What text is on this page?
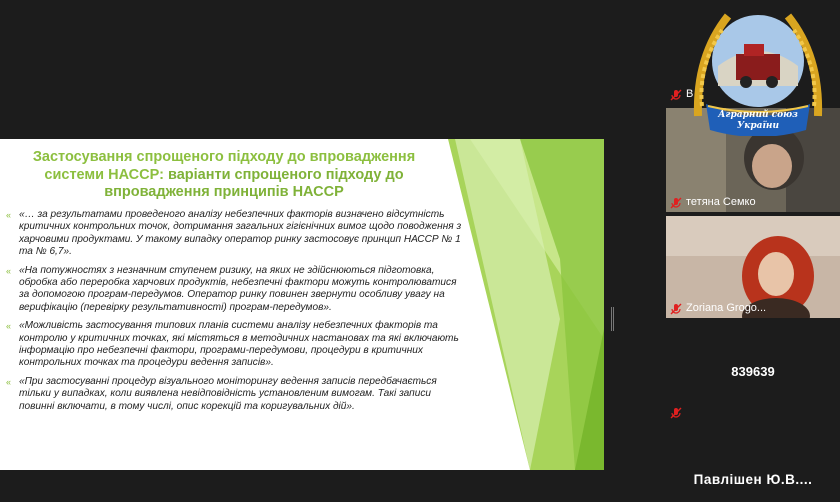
Застосування спрощеного підходу до впровадження
системи НАССР: варіанти спрощеного підходу до
впровадження принципів НАССР
« «… за результатами проведеного аналізу небезпечних факторів визначено відсутність критичних контрольних точок, дотримання загальних гігієнічних вимог щодо поводження з харчовими продуктами. У такому випадку оператор ринку застосовує принцип НАССР № 1 та № 6,7».
« «На потужностях з незначним ступенем ризику, на яких не здійснюються підготовка, обробка або переробка харчових продуктів, небезпечні фактори можуть контролюватися за допомогою програм-передумов. Оператор ринку повинен звернути особливу увагу на верифікацію (перевірку результативності) програм-передумов».
« «Можливість застосування типових планів системи аналізу небезпечних факторів та контролю у критичних точках, які містяться в методичних настановах та які включають інформацію про небезпечні фактори, програми-передумови, процедури в критичних контрольних точках та процедури ведення записів».
« «При застосуванні процедур візуального моніторингу ведення записів передбачається тільки у випадках, коли виявлена невідповідність установленим вимогам. Такі записи повинні включати, в тому числі, опис корекцій та коригувальних дій».
В
тетяна Семко
Zoriana Grogo...
839639
Павлішен Ю.В....
Аграрний союз
України
